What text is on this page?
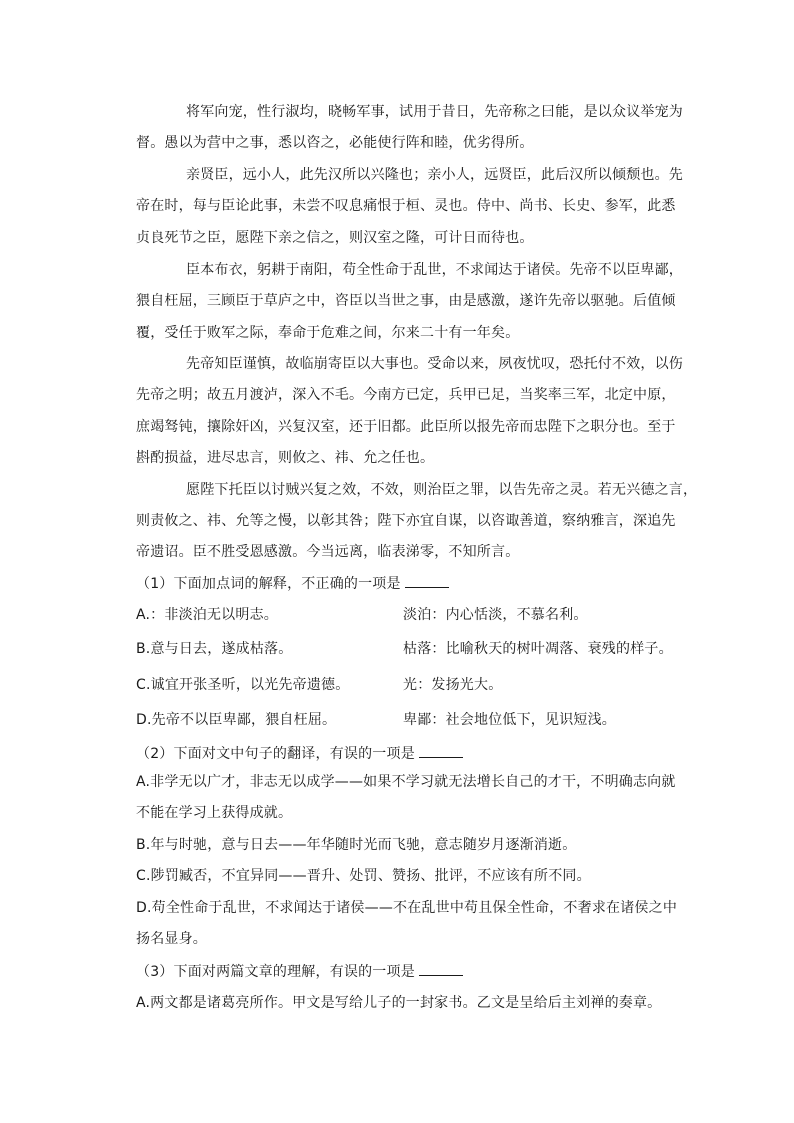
将军向宠，性行淑均，晓畅军事，试用于昔日，先帝称之曰能，是以众议举宠为
督。愚以为营中之事，悉以咨之，必能使行阵和睦，优劣得所。
亲贤臣，远小人，此先汉所以兴隆也；亲小人，远贤臣，此后汉所以倾颓也。先
帝在时，每与臣论此事，未尝不叹息痛恨于桓、灵也。侍中、尚书、长史、参军，此悉
贞良死节之臣，愿陛下亲之信之，则汉室之隆，可计日而待也。
臣本布衣，躬耕于南阳，苟全性命于乱世，不求闻达于诸侯。先帝不以臣卑鄙，
猥自枉屈，三顾臣于草庐之中，咨臣以当世之事，由是感激，遂许先帝以驱驰。后值倾
覆，受任于败军之际，奉命于危难之间，尔来二十有一年矣。
先帝知臣谨慎，故临崩寄臣以大事也。受命以来，夙夜忧叹，恐托付不效，以伤
先帝之明；故五月渡泸，深入不毛。今南方已定，兵甲已足，当奖率三军，北定中原，
庶竭驽钝，攘除奸凶，兴复汉室，还于旧都。此臣所以报先帝而忠陛下之职分也。至于
斟酌损益，进尽忠言，则攸之、祎、允之任也。
愿陛下托臣以讨贼兴复之效，不效，则治臣之罪，以告先帝之灵。若无兴德之言，
则责攸之、祎、允等之慢，以彰其咎；陛下亦宜自谋，以咨诹善道，察纳雅言，深追先
帝遗诏。臣不胜受恩感激。今当远离，临表涕零，不知所言。
（1）下面加点词的解释，不正确的一项是
A.：非淡泊无以明志。	淡泊：内心恬淡，不慕名利。
B.意与日去，遂成枯落。	枯落：比喻秋天的树叶凋落、衰残的样子。
C.诚宜开张圣听，以光先帝遗德。	光：发扬光大。
D.先帝不以臣卑鄙，猥自枉屈。	卑鄙：社会地位低下，见识短浅。
（2）下面对文中句子的翻译，有误的一项是
A.非学无以广才，非志无以成学——如果不学习就无法增长自己的才干，不明确志向就
不能在学习上获得成就。
B.年与时驰，意与日去——年华随时光而飞驰，意志随岁月逐渐消逝。
C.陟罚臧否，不宜异同——晋升、处罚、赞扬、批评，不应该有所不同。
D.苟全性命于乱世，不求闻达于诸侯——不在乱世中苟且保全性命，不奢求在诸侯之中
扬名显身。
（3）下面对两篇文章的理解，有误的一项是
A.两文都是诸葛亮所作。甲文是写给儿子的一封家书。乙文是呈给后主刘禅的奏章。
